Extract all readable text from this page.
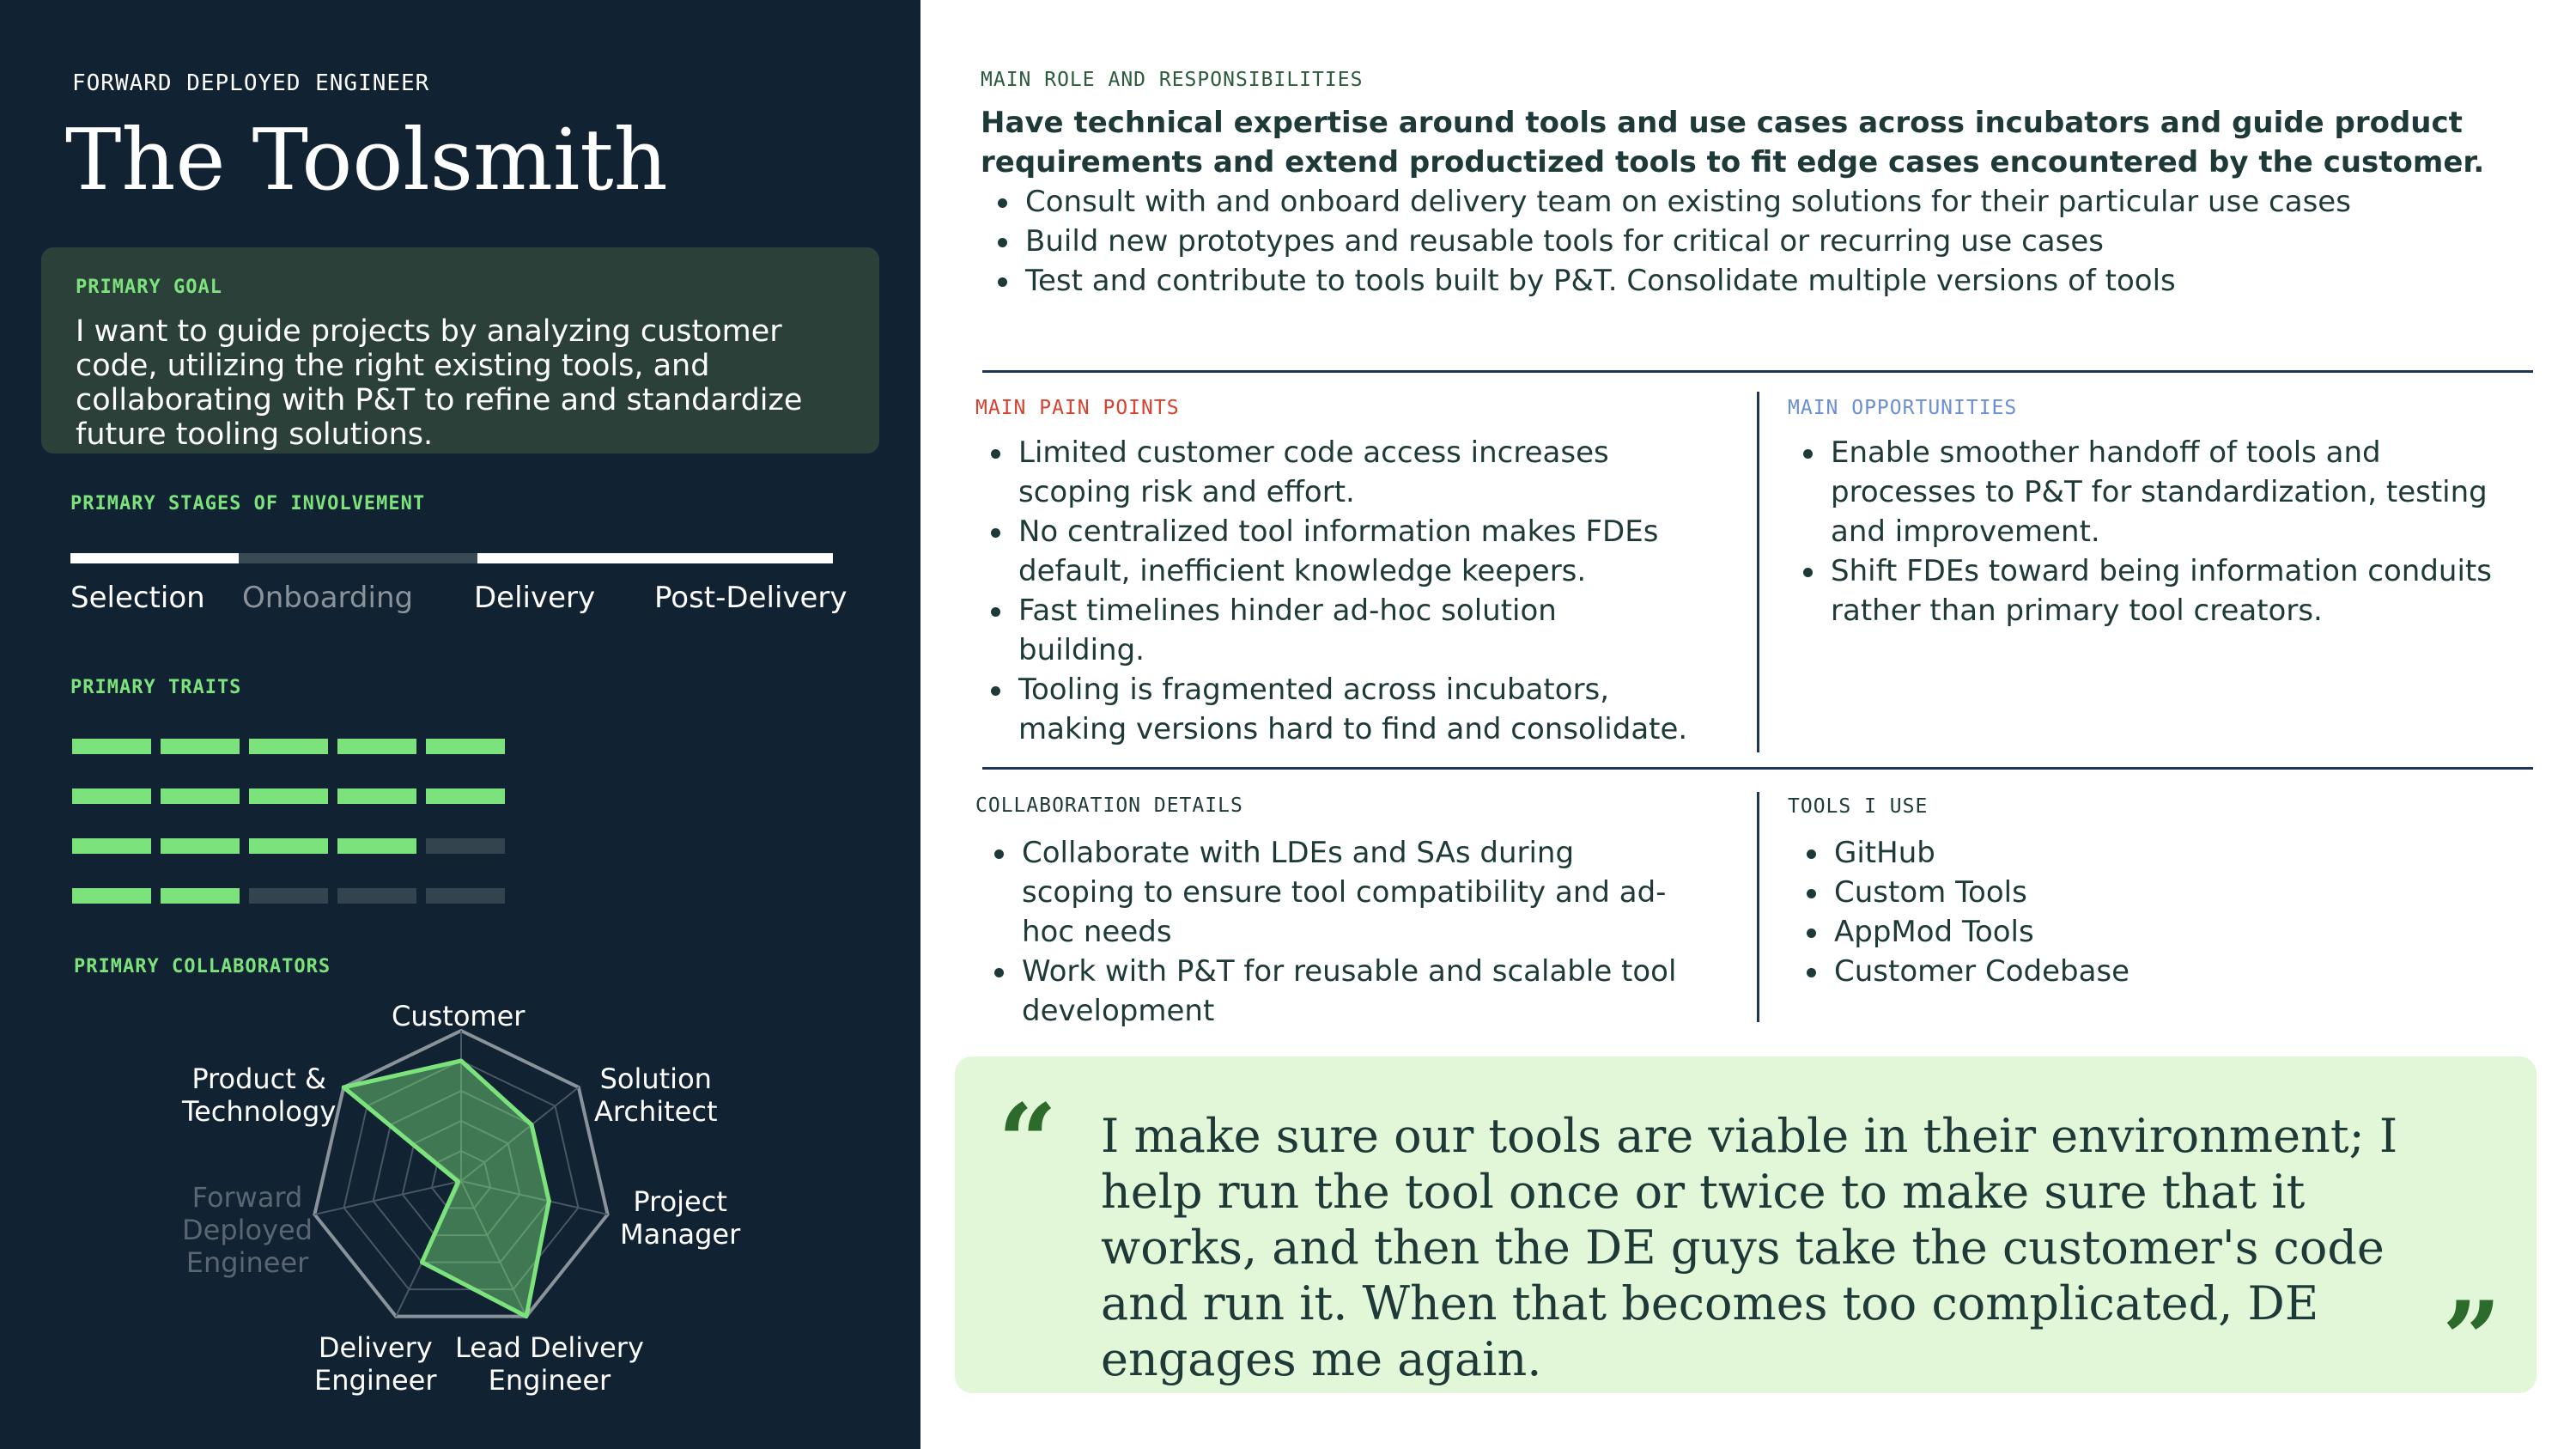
FORWARD DEPLOYED ENGINEER
The Toolsmith
PRIMARY GOAL
I want to guide projects by analyzing customer code, utilizing the right existing tools, and collaborating with P&T to refine and standardize future tooling solutions.
PRIMARY STAGES OF INVOLVEMENT
Selection Onboarding Delivery Post-Delivery
PRIMARY TRAITS
PRIMARY COLLABORATORS
Customer
Solution
Architect
Project
Manager
Lead Delivery
Engineer
Delivery
Engineer
Forward
Deployed
Engineer
Product &
Technology
MAIN ROLE AND RESPONSIBILITIES
Have technical expertise around tools and use cases across incubators and guide product requirements and extend productized tools to fit edge cases encountered by the customer.
Consult with and onboard delivery team on existing solutions for their particular use cases
Build new prototypes and reusable tools for critical or recurring use cases
Test and contribute to tools built by P&T. Consolidate multiple versions of tools
MAIN PAIN POINTS
Limited customer code access increases scoping risk and effort.
No centralized tool information makes FDEs default, inefficient knowledge keepers.
Fast timelines hinder ad-hoc solution building.
Tooling is fragmented across incubators, making versions hard to find and consolidate.
MAIN OPPORTUNITIES
Enable smoother handoff of tools and processes to P&T for standardization, testing and improvement.
Shift FDEs toward being information conduits rather than primary tool creators.
COLLABORATION DETAILS
Collaborate with LDEs and SAs during scoping to ensure tool compatibility and ad-hoc needs
Work with P&T for reusable and scalable tool development
TOOLS I USE
GitHub
Custom Tools
AppMod Tools
Customer Codebase
“ I make sure our tools are viable in their environment; I help run the tool once or twice to make sure that it works, and then the DE guys take the customer's code and run it. When that becomes too complicated, DE engages me again.	”
